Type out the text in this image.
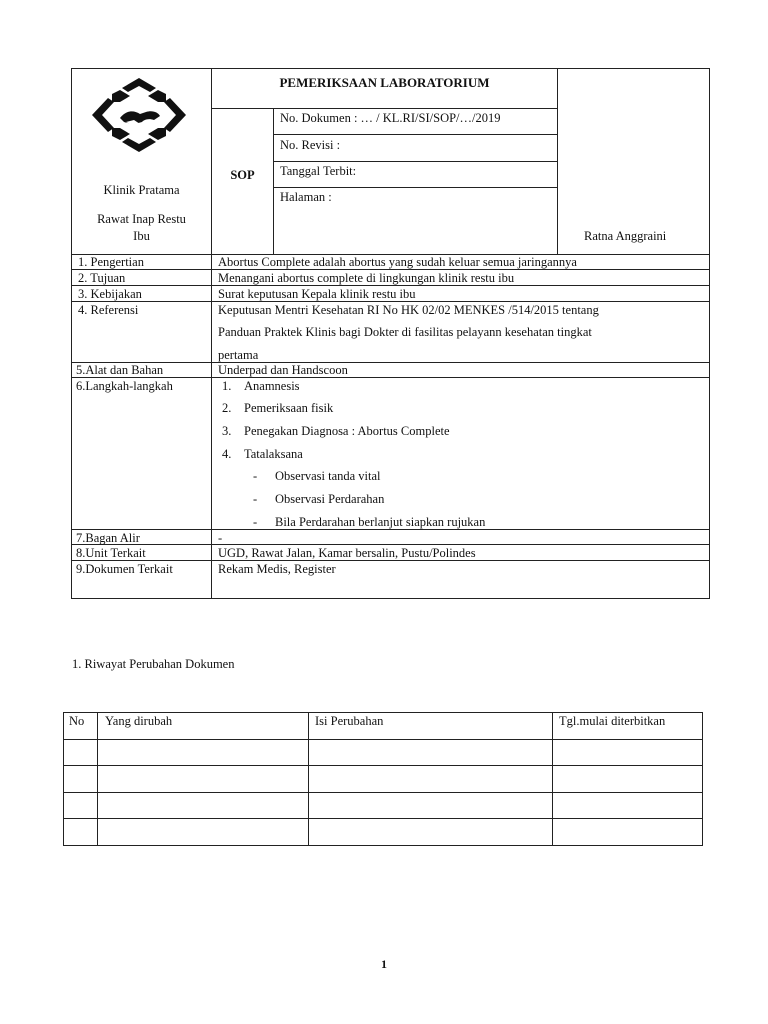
Klinik Pratama
Rawat Inap Restu
Ibu
PEMERIKSAAN LABORATORIUM
SOP
No. Dokumen : … / KL.RI/SI/SOP/…/2019
No. Revisi :
Tanggal Terbit:
Halaman :
Ratna Anggraini
1. Pengertian
2. Tujuan
3. Kebijakan
4. Referensi
5.Alat dan Bahan
6.Langkah-langkah
7.Bagan Alir
8.Unit Terkait
9.Dokumen Terkait
Abortus Complete adalah abortus yang sudah keluar semua jaringannya
Menangani abortus complete di lingkungan klinik restu ibu
Surat keputusan Kepala klinik restu ibu
Keputusan Mentri Kesehatan RI No HK 02/02 MENKES /514/2015 tentang
Panduan Praktek Klinis bagi Dokter di fasilitas pelayann kesehatan tingkat
pertama
Underpad dan Handscoon
1. Anamnesis
2. Pemeriksaan fisik
3. Penegakan Diagnosa : Abortus Complete
4. Tatalaksana
- Observasi tanda vital
- Observasi Perdarahan
- Bila Perdarahan berlanjut siapkan rujukan
-
UGD, Rawat Jalan, Kamar bersalin, Pustu/Polindes
Rekam Medis, Register
1. Riwayat Perubahan Dokumen
No Yang dirubah	Isi Perubahan	Tgl.mulai diterbitkan
1
